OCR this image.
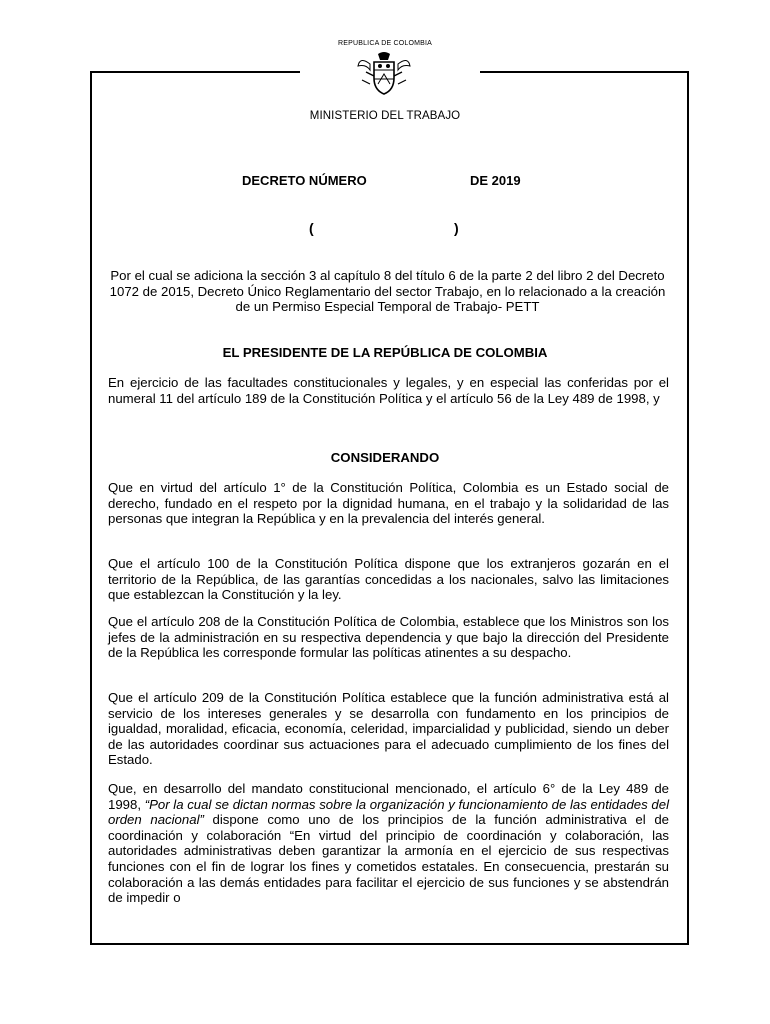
REPUBLICA DE COLOMBIA
MINISTERIO DEL TRABAJO
DECRETO NÚMERO	DE 2019
(	)
Por el cual se adiciona la sección 3 al capítulo 8 del título 6 de la parte 2 del libro 2 del Decreto 1072 de 2015, Decreto Único Reglamentario del sector Trabajo, en lo relacionado a la creación de un Permiso Especial Temporal de Trabajo- PETT
EL PRESIDENTE DE LA REPÚBLICA DE COLOMBIA
En ejercicio de las facultades constitucionales y legales, y en especial las conferidas por el numeral 11 del artículo 189 de la Constitución Política y el artículo 56 de la Ley 489 de 1998, y
CONSIDERANDO
Que en virtud del artículo 1° de la Constitución Política, Colombia es un Estado social de derecho, fundado en el respeto por la dignidad humana, en el trabajo y la solidaridad de las personas que integran la República y en la prevalencia del interés general.
Que el artículo 100 de la Constitución Política dispone que los extranjeros gozarán en el territorio de la República, de las garantías concedidas a los nacionales, salvo las limitaciones que establezcan la Constitución y la ley.
Que el artículo 208 de la Constitución Política de Colombia, establece que los Ministros son los jefes de la administración en su respectiva dependencia y que bajo la dirección del Presidente de la República les corresponde formular las políticas atinentes a su despacho.
Que el artículo 209 de la Constitución Política establece que la función administrativa está al servicio de los intereses generales y se desarrolla con fundamento en los principios de igualdad, moralidad, eficacia, economía, celeridad, imparcialidad y publicidad, siendo un deber de las autoridades coordinar sus actuaciones para el adecuado cumplimiento de los fines del Estado.
Que, en desarrollo del mandato constitucional mencionado, el artículo 6° de la Ley 489 de 1998, “Por la cual se dictan normas sobre la organización y funcionamiento de las entidades del orden nacional” dispone como uno de los principios de la función administrativa el de coordinación y colaboración “En virtud del principio de coordinación y colaboración, las autoridades administrativas deben garantizar la armonía en el ejercicio de sus respectivas funciones con el fin de lograr los fines y cometidos estatales. En consecuencia, prestarán su colaboración a las demás entidades para facilitar el ejercicio de sus funciones y se abstendrán de impedir o
